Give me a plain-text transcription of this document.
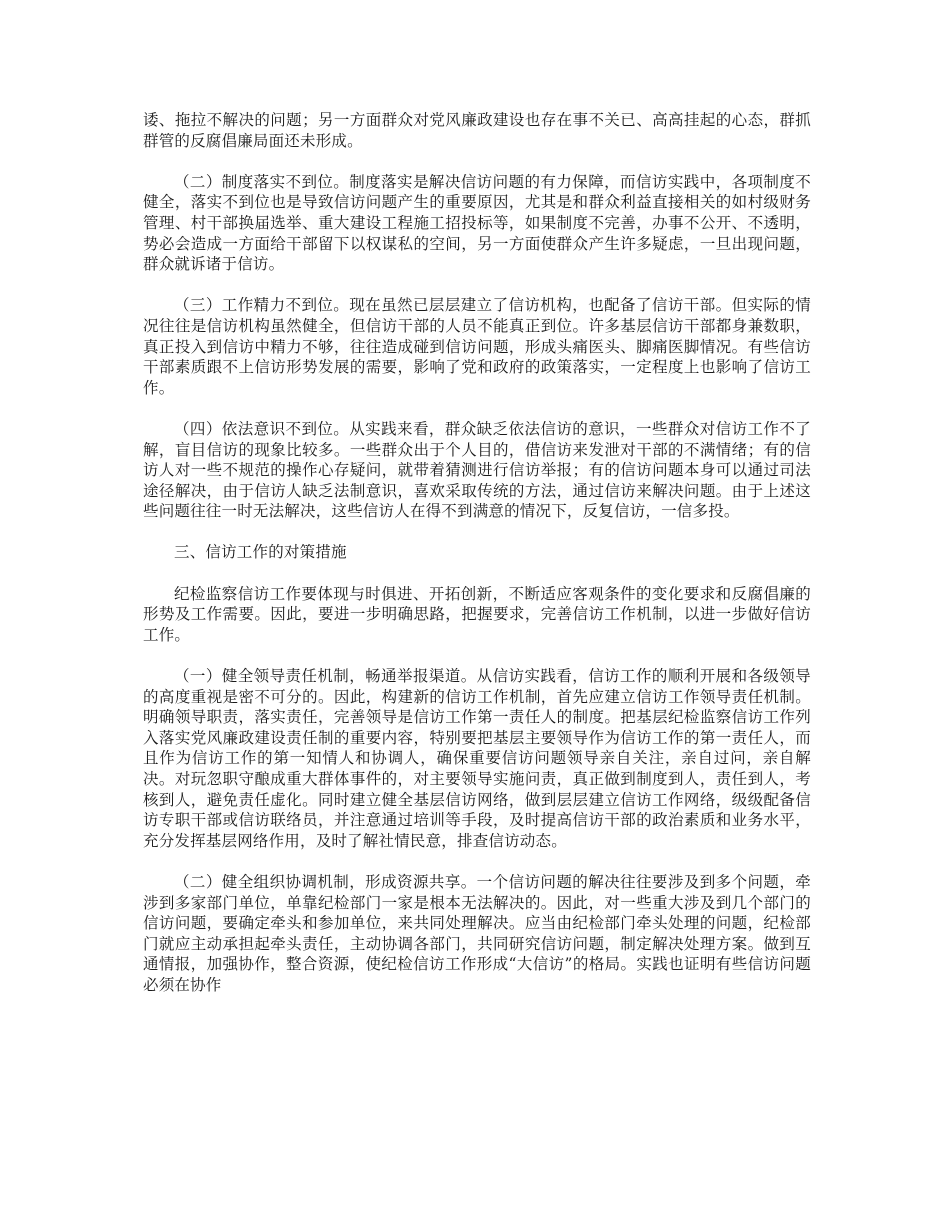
诿、拖拉不解决的问题；另一方面群众对党风廉政建设也存在事不关已、高高挂起的心态，群抓群管的反腐倡廉局面还未形成。

（二）制度落实不到位。制度落实是解决信访问题的有力保障，而信访实践中，各项制度不健全，落实不到位也是导致信访问题产生的重要原因，尤其是和群众利益直接相关的如村级财务管理、村干部换届选举、重大建设工程施工招投标等，如果制度不完善，办事不公开、不透明，势必会造成一方面给干部留下以权谋私的空间，另一方面使群众产生许多疑虑，一旦出现问题，群众就诉诸于信访。

（三）工作精力不到位。现在虽然已层层建立了信访机构，也配备了信访干部。但实际的情况往往是信访机构虽然健全，但信访干部的人员不能真正到位。许多基层信访干部都身兼数职，真正投入到信访中精力不够，往往造成碰到信访问题，形成头痛医头、脚痛医脚情况。有些信访干部素质跟不上信访形势发展的需要，影响了党和政府的政策落实，一定程度上也影响了信访工作。

（四）依法意识不到位。从实践来看，群众缺乏依法信访的意识，一些群众对信访工作不了解，盲目信访的现象比较多。一些群众出于个人目的，借信访来发泄对干部的不满情绪；有的信访人对一些不规范的操作心存疑问，就带着猜测进行信访举报；有的信访问题本身可以通过司法途径解决，由于信访人缺乏法制意识，喜欢采取传统的方法，通过信访来解决问题。由于上述这些问题往往一时无法解决，这些信访人在得不到满意的情况下，反复信访，一信多投。

三、信访工作的对策措施

纪检监察信访工作要体现与时俱进、开拓创新，不断适应客观条件的变化要求和反腐倡廉的形势及工作需要。因此，要进一步明确思路，把握要求，完善信访工作机制，以进一步做好信访工作。

（一）健全领导责任机制，畅通举报渠道。从信访实践看，信访工作的顺利开展和各级领导的高度重视是密不可分的。因此，构建新的信访工作机制，首先应建立信访工作领导责任机制。明确领导职责，落实责任，完善领导是信访工作第一责任人的制度。把基层纪检监察信访工作列入落实党风廉政建设责任制的重要内容，特别要把基层主要领导作为信访工作的第一责任人，而且作为信访工作的第一知情人和协调人，确保重要信访问题领导亲自关注，亲自过问，亲自解决。对玩忽职守酿成重大群体事件的，对主要领导实施问责，真正做到制度到人，责任到人，考核到人，避免责任虚化。同时建立健全基层信访网络，做到层层建立信访工作网络，级级配备信访专职干部或信访联络员，并注意通过培训等手段，及时提高信访干部的政治素质和业务水平，充分发挥基层网络作用，及时了解社情民意，排查信访动态。

（二）健全组织协调机制，形成资源共享。一个信访问题的解决往往要涉及到多个问题，牵涉到多家部门单位，单靠纪检部门一家是根本无法解决的。因此，对一些重大涉及到几个部门的信访问题，要确定牵头和参加单位，来共同处理解决。应当由纪检部门牵头处理的问题，纪检部门就应主动承担起牵头责任，主动协调各部门，共同研究信访问题，制定解决处理方案。做到互通情报，加强协作，整合资源，使纪检信访工作形成“大信访”的格局。实践也证明有些信访问题必须在协作
